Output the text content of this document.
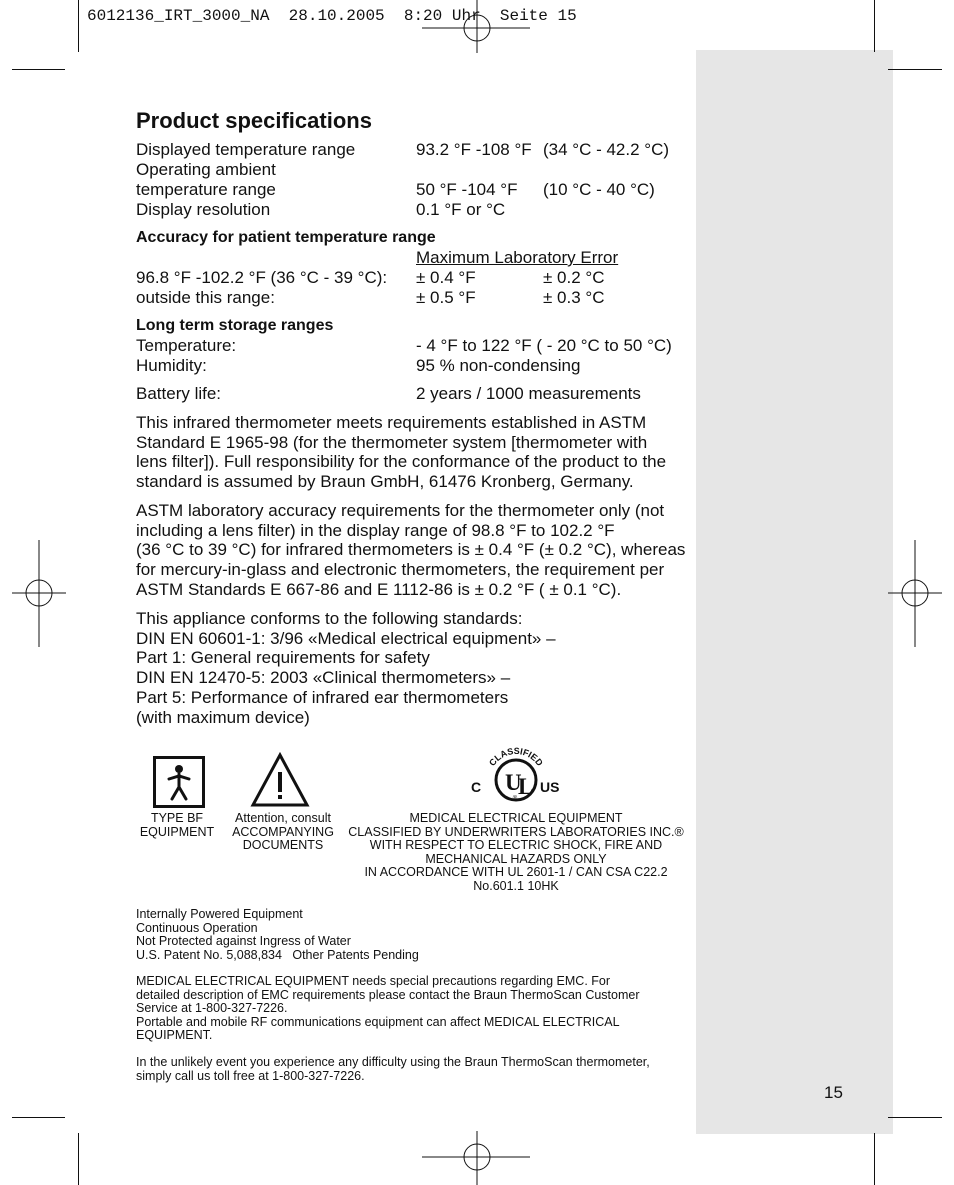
6012136_IRT_3000_NA  28.10.2005  8:20 Uhr  Seite 15
Product specifications
Displayed temperature range	93.2 °F -108 °F (34 °C - 42.2 °C)
Operating ambient
temperature range	50 °F -104 °F (10 °C - 40 °C)
Display resolution	0.1 °F or °C
Accuracy for patient temperature range
Maximum Laboratory Error
96.8 °F -102.2 °F (36 °C - 39 °C): ± 0.4 °F	± 0.2 °C
outside this range:	± 0.5 °F	± 0.3 °C
Long term storage ranges
Temperature:	- 4 °F to 122 °F ( - 20 °C to 50 °C)
Humidity:	95 % non-condensing
Battery life:	2 years / 1000 measurements
This infrared thermometer meets requirements established in ASTM
Standard E 1965-98 (for the thermometer system [thermometer with
lens filter]). Full responsibility for the conformance of the product to the
standard is assumed by Braun GmbH, 61476 Kronberg, Germany.
ASTM laboratory accuracy requirements for the thermometer only (not
including a lens filter) in the display range of 98.8 °F to 102.2 °F
(36 °C to 39 °C) for infrared thermometers is ± 0.4 °F (± 0.2 °C), whereas
for mercury-in-glass and electronic thermometers, the requirement per
ASTM Standards E 667-86 and E 1112-86 is ± 0.2 °F ( ± 0.1 °C).
This appliance conforms to the following standards:
DIN EN 60601-1: 3/96 «Medical electrical equipment» –
Part 1: General requirements for safety
DIN EN 12470-5: 2003 «Clinical thermometers» –
Part 5: Performance of infrared ear thermometers
(with maximum device)
CLASSIFIED
U
L
®
C	US
TYPE BF
EQUIPMENT
Attention, consult
ACCOMPANYING
DOCUMENTS
MEDICAL ELECTRICAL EQUIPMENT
CLASSIFIED BY UNDERWRITERS LABORATORIES INC.®
WITH RESPECT TO ELECTRIC SHOCK, FIRE AND
MECHANICAL HAZARDS ONLY
IN ACCORDANCE WITH UL 2601-1 / CAN CSA C22.2
No.601.1 10HK
Internally Powered Equipment
Continuous Operation
Not Protected against Ingress of Water
U.S. Patent No. 5,088,834   Other Patents Pending
MEDICAL ELECTRICAL EQUIPMENT needs special precautions regarding EMC. For
detailed description of EMC requirements please contact the Braun ThermoScan Customer
Service at 1-800-327-7226.
Portable and mobile RF communications equipment can affect MEDICAL ELECTRICAL
EQUIPMENT.
In the unlikely event you experience any difficulty using the Braun ThermoScan thermometer,
simply call us toll free at 1-800-327-7226.
15
